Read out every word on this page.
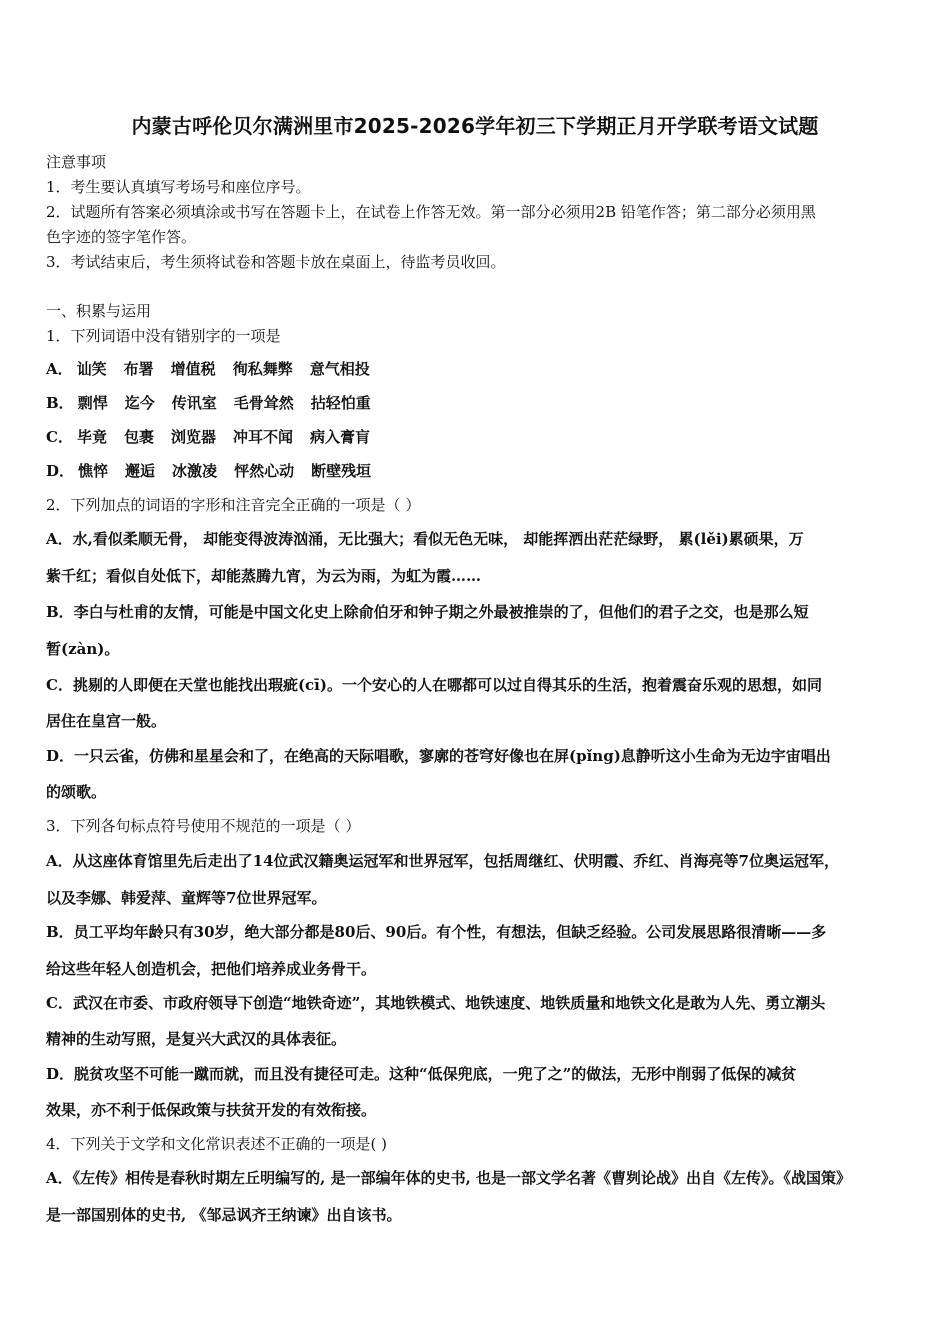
内蒙古呼伦贝尔满洲里市2025-2026学年初三下学期正月开学联考语文试题
注意事项
1．考生要认真填写考场号和座位序号。
2．试题所有答案必须填涂或书写在答题卡上，在试卷上作答无效。第一部分必须用2B 铅笔作答；第二部分必须用黑
色字迹的签字笔作答。
3．考试结束后，考生须将试卷和答题卡放在桌面上，待监考员收回。
一、积累与运用
1．下列词语中没有错别字的一项是
A． 讪笑 布署 增值税 徇私舞弊 意气相投
B． 剽悍 迄今 传讯室 毛骨耸然 拈轻怕重
C． 毕竟 包裹 浏览器 冲耳不闻 病入膏肓
D． 憔悴 邂逅 冰激凌 怦然心动 断壁残垣
2．下列加点的词语的字形和注音完全正确的一项是（ ）
A．水,看似柔顺无骨， 却能变得波涛汹涌，无比强大；看似无色无味， 却能挥洒出茫茫绿野， 累(lěi)累硕果，万
紫千红；看似自处低下，却能蒸腾九宵，为云为雨，为虹为霞……
B．李白与杜甫的友情，可能是中国文化史上除俞伯牙和钟子期之外最被推崇的了，但他们的君子之交，也是那么短
暂(zàn)。
C．挑剔的人即便在天堂也能找出瑕疵(cī)。一个安心的人在哪都可以过自得其乐的生活，抱着震奋乐观的思想，如同
居住在皇宫一般。
D．一只云雀，仿佛和星星会和了，在绝高的天际唱歌，寥廓的苍穹好像也在屏(pǐng)息静听这小生命为无边宇宙唱出
的颂歌。
3．下列各句标点符号使用不规范的一项是（ ）
A．从这座体育馆里先后走出了14位武汉籍奥运冠军和世界冠军，包括周继红、伏明霞、乔红、肖海亮等7位奥运冠军，
以及李娜、韩爱萍、童辉等7位世界冠军。
B．员工平均年龄只有30岁，绝大部分都是80后、90后。有个性，有想法，但缺乏经验。公司发展思路很清晰——多
给这些年轻人创造机会，把他们培养成业务骨干。
C．武汉在市委、市政府领导下创造“地铁奇迹”，其地铁模式、地铁速度、地铁质量和地铁文化是敢为人先、勇立潮头
精神的生动写照，是复兴大武汉的具体表征。
D．脱贫攻坚不可能一蹴而就，而且没有捷径可走。这种“低保兜底，一兜了之”的做法，无形中削弱了低保的减贫
效果，亦不利于低保政策与扶贫开发的有效衔接。
4．下列关于文学和文化常识表述不正确的一项是( )
A．《左传》相传是春秋时期左丘明编写的, 是一部编年体的史书, 也是一部文学名著《曹刿论战》出自《左传》。《战国策》
是一部国别体的史书, 《邹忌讽齐王纳谏》出自该书。
